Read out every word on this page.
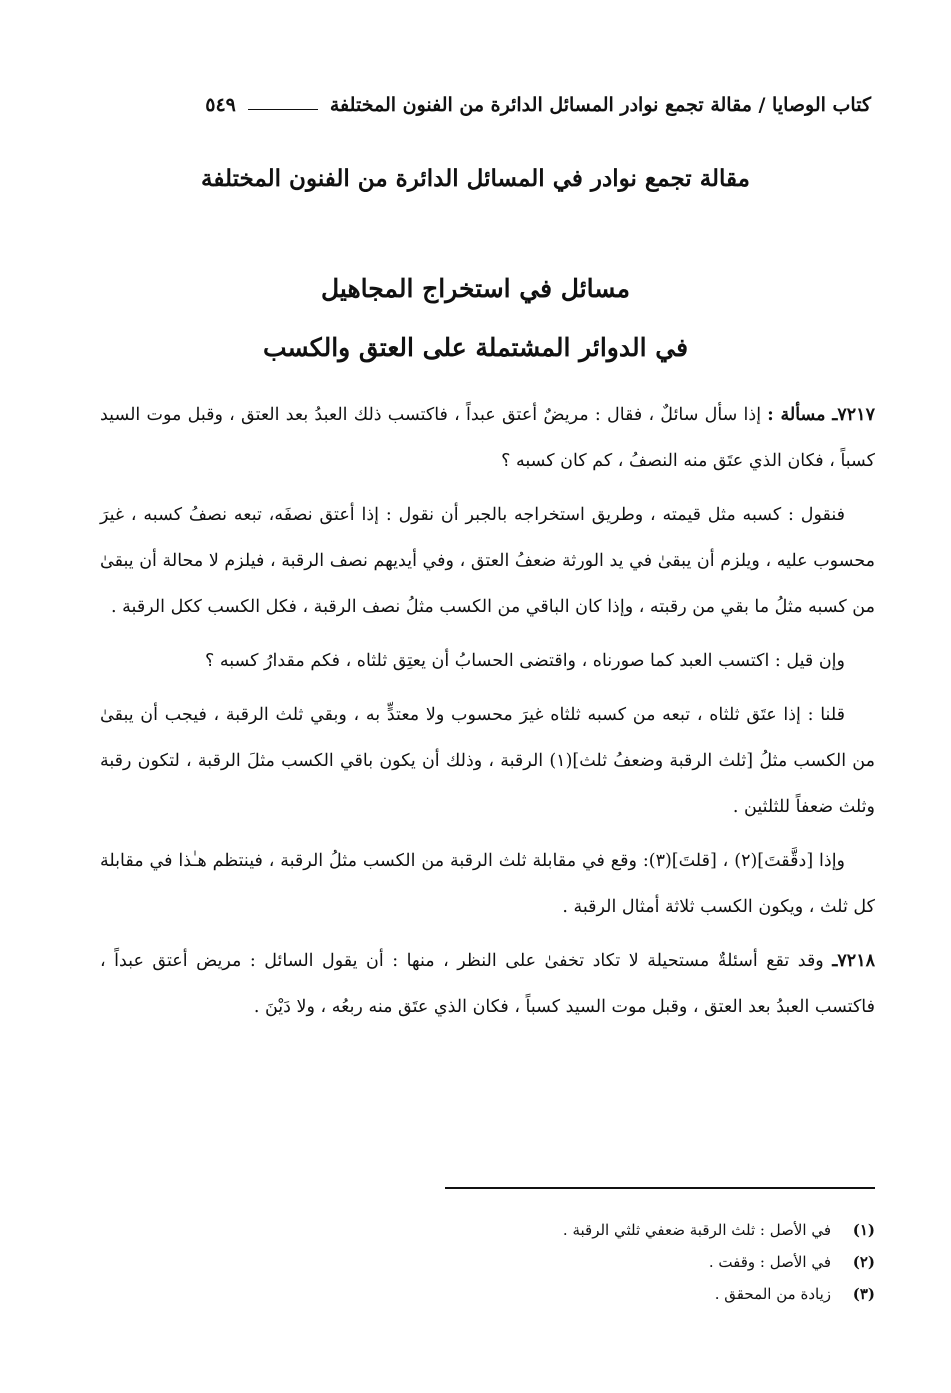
كتاب الوصايا / مقالة تجمع نوادر المسائل الدائرة من الفنون المختلفة
٥٤٩
مقالة تجمع نوادر في المسائل الدائرة من الفنون المختلفة
مسائل في استخراج المجاهيل
في الدوائر المشتملة على العتق والكسب

٧٢١٧ـ مسألة : إذا سأل سائلٌ ، فقال : مريضٌ أعتق عبداً ، فاكتسب ذلك العبدُ بعد العتق ، وقبل موت السيد كسباً ، فكان الذي عتَق منه النصفُ ، كم كان كسبه ؟

فنقول : كسبه مثل قيمته ، وطريق استخراجه بالجبر أن نقول : إذا أعتق نصفَه، تبعه نصفُ كسبه ، غيرَ محسوب عليه ، ويلزم أن يبقىٰ في يد الورثة ضعفُ العتق ، وفي أيديهم نصف الرقبة ، فيلزم لا محالة أن يبقىٰ من كسبه مثلُ ما بقي من رقبته ، وإذا كان الباقي من الكسب مثلُ نصف الرقبة ، فكل الكسب ككل الرقبة .

وإن قيل : اكتسب العبد كما صورناه ، واقتضى الحسابُ أن يعتِق ثلثاه ، فكم مقدارُ كسبه ؟

قلنا : إذا عتَق ثلثاه ، تبعه من كسبه ثلثاه غيرَ محسوب ولا معتدٍّ به ، وبقي ثلث الرقبة ، فيجب أن يبقىٰ من الكسب مثلُ [ثلث الرقبة وضعفُ ثلث](١) الرقبة ، وذلك أن يكون باقي الكسب مثلَ الرقبة ، لتكون رقبة وثلث ضعفاً للثلثين .

وإذا [دقَّقتَ](٢) ، [قلتَ](٣): وقع في مقابلة ثلث الرقبة من الكسب مثلُ الرقبة ، فينتظم هـٰذا في مقابلة كل ثلث ، ويكون الكسب ثلاثة أمثال الرقبة .

٧٢١٨ـ وقد تقع أسئلةٌ مستحيلة لا تكاد تخفىٰ على النظر ، منها : أن يقول السائل : مريض أعتق عبداً ، فاكتسب العبدُ بعد العتق ، وقبل موت السيد كسباً ، فكان الذي عتَق منه ربعُه ، ولا دَيْنَ .

(١)
في الأصل : ثلث الرقبة ضعفي ثلثي الرقبة .
(٢)
في الأصل : وقفت .
(٣)
زيادة من المحقق .
